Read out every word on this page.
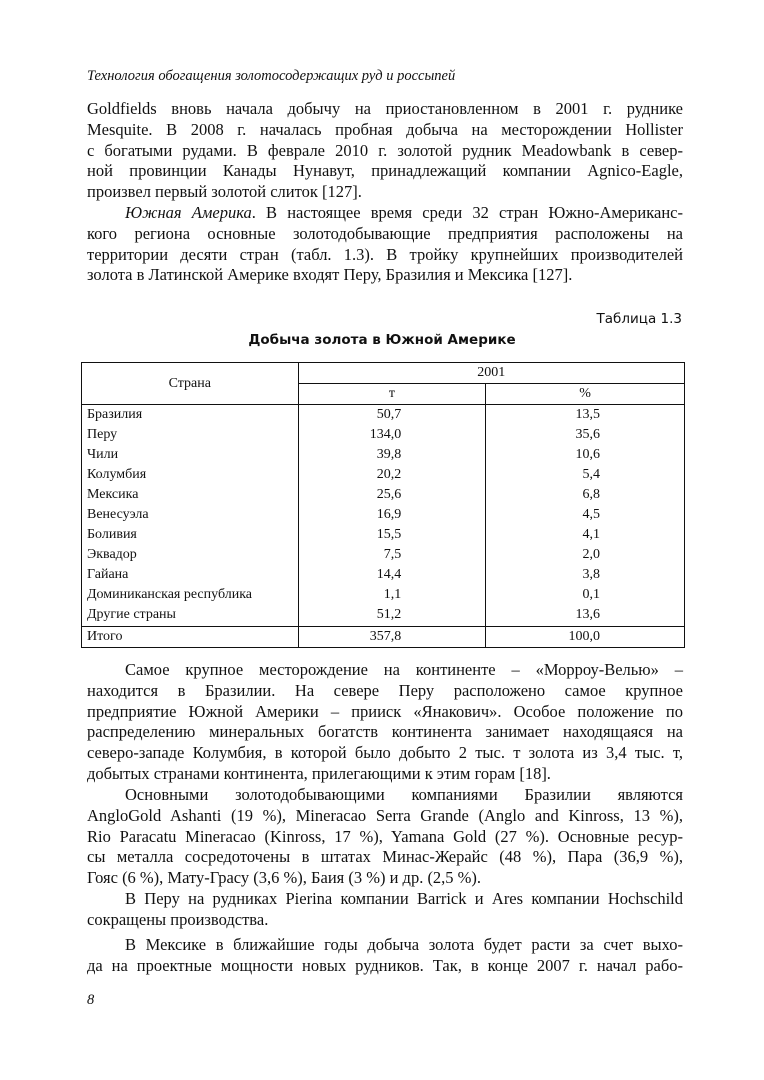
Технология обогащения золотосодержащих руд и россыпей
Goldfields вновь начала добычу на приостановленном в 2001 г. руднике
Mesquite. В 2008 г. началась пробная добыча на месторождении Hollister
с богатыми рудами. В феврале 2010 г. золотой рудник Meadowbank в север-
ной провинции Канады Нунавут, принадлежащий компании Agnico-Eagle,
произвел первый золотой слиток [127].
Южная Америка. В настоящее время среди 32 стран Южно-Американс-
кого региона основные золотодобывающие предприятия расположены на
территории десяти стран (табл. 1.3). В тройку крупнейших производителей
золота в Латинской Америке входят Перу, Бразилия и Мексика [127].
Таблица 1.3
Добыча золота в Южной Америке
Страна	2001	
	т	%
Бразилия	50,7	13,5
Перу	134,0	35,6
Чили	39,8	10,6
Колумбия	20,2	5,4
Мексика	25,6	6,8
Венесуэла	16,9	4,5
Боливия	15,5	4,1
Эквадор	7,5	2,0
Гайана	14,4	3,8
Доминиканская республика	1,1	0,1
Другие страны	51,2	13,6
Итого	357,8	100,0
Самое крупное месторождение на континенте – «Морроу-Велью» –
находится в Бразилии. На севере Перу расположено самое крупное
предприятие Южной Америки – прииск «Янакович». Особое положение по
распределению минеральных богатств континента занимает находящаяся на
северо-западе Колумбия, в которой было добыто 2 тыс. т золота из 3,4 тыс. т,
добытых странами континента, прилегающими к этим горам [18].
Основными золотодобывающими компаниями Бразилии являются
AngloGold Ashanti (19 %), Mineracao Serra Grande (Anglo and Kinross, 13 %),
Rio Paracatu Mineracao (Kinross, 17 %), Yamana Gold (27 %). Основные ресур-
сы металла сосредоточены в штатах Минас-Жерайс (48 %), Пара (36,9 %),
Гояс (6 %), Мату-Грасу (3,6 %), Баия (3 %) и др. (2,5 %).
В Перу на рудниках Pierina компании Barrick и Ares компании Hochschild
сокращены производства.
В Мексике в ближайшие годы добыча золота будет расти за счет выхо-
да на проектные мощности новых рудников. Так, в конце 2007 г. начал рабо-
8
